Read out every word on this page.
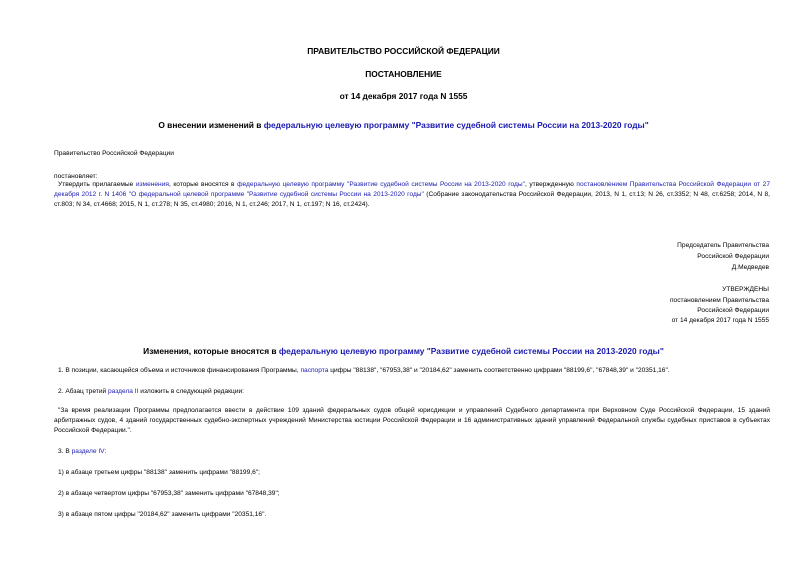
ПРАВИТЕЛЬСТВО РОССИЙСКОЙ ФЕДЕРАЦИИ
ПОСТАНОВЛЕНИЕ
от 14 декабря 2017 года N 1555
О внесении изменений в федеральную целевую программу "Развитие судебной системы России на 2013-2020 годы"
Правительство Российской Федерации
постановляет:
Утвердить прилагаемые изменения, которые вносятся в федеральную целевую программу "Развитие судебной системы России на 2013-2020 годы", утвержденную постановлением Правительства Российской Федерации от 27 декабря 2012 г. N 1406 "О федеральной целевой программе "Развитие судебной системы России на 2013-2020 годы" (Собрание законодательства Российской Федерации, 2013, N 1, ст.13; N 26, ст.3352; N 48, ст.6258; 2014, N 8, ст.803; N 34, ст.4668; 2015, N 1, ст.278; N 35, ст.4980; 2016, N 1, ст.246; 2017, N 1, ст.197; N 16, ст.2424).
Председатель Правительства
Российской Федерации
Д.Медведев
УТВЕРЖДЕНЫ
постановлением Правительства
Российской Федерации
от 14 декабря 2017 года N 1555
Изменения, которые вносятся в федеральную целевую программу "Развитие судебной системы России на 2013-2020 годы"
1. В позиции, касающейся объема и источников финансирования Программы, паспорта цифры "88138", "67953,38" и "20184,62" заменить соответственно цифрами "88199,6", "67848,39" и "20351,16".
2. Абзац третий раздела II изложить в следующей редакции:
"За время реализации Программы предполагается ввести в действие 109 зданий федеральных судов общей юрисдикции и управлений Судебного департамента при Верховном Суде Российской Федерации, 15 зданий арбитражных судов, 4 зданий государственных судебно-экспертных учреждений Министерства юстиции Российской Федерации и 16 административных зданий управлений Федеральной службы судебных приставов в субъектах Российской Федерации.".
3. В разделе IV:
1) в абзаце третьем цифры "88138" заменить цифрами "88199,6";
2) в абзаце четвертом цифры "67953,38" заменить цифрами "67848,39";
3) в абзаце пятом цифры "20184,62" заменить цифрами "20351,16".
